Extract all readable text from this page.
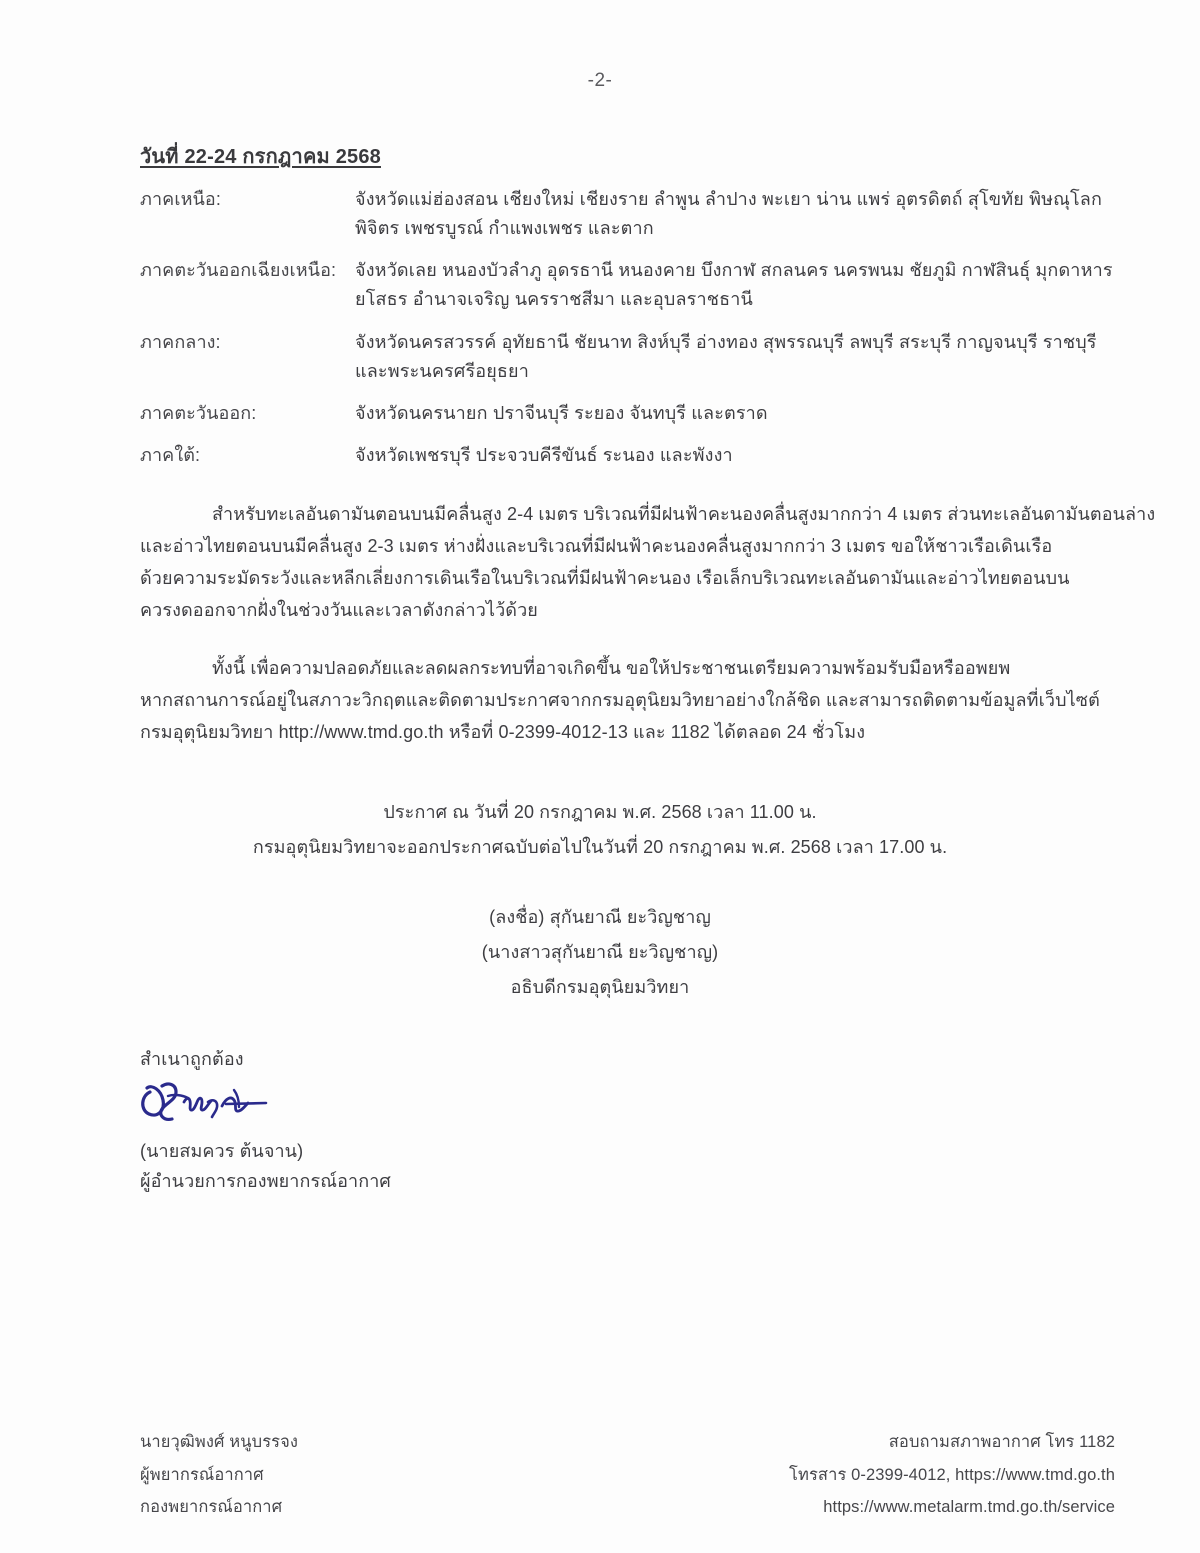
-2-
วันที่ 22-24 กรกฎาคม 2568
ภาคเหนือ:	จังหวัดแม่ฮ่องสอน เชียงใหม่ เชียงราย ลำพูน ลำปาง พะเยา น่าน แพร่ อุตรดิตถ์ สุโขทัย พิษณุโลก
พิจิตร เพชรบูรณ์ กำแพงเพชร และตาก
ภาคตะวันออกเฉียงเหนือ:	จังหวัดเลย หนองบัวลำภู อุดรธานี หนองคาย บึงกาฬ สกลนคร นครพนม ชัยภูมิ กาฬสินธุ์ มุกดาหาร
ยโสธร อำนาจเจริญ นครราชสีมา และอุบลราชธานี
ภาคกลาง:	จังหวัดนครสวรรค์ อุทัยธานี ชัยนาท สิงห์บุรี อ่างทอง สุพรรณบุรี ลพบุรี สระบุรี กาญจนบุรี ราชบุรี
และพระนครศรีอยุธยา
ภาคตะวันออก:	จังหวัดนครนายก ปราจีนบุรี ระยอง จันทบุรี และตราด
ภาคใต้:	จังหวัดเพชรบุรี ประจวบคีรีขันธ์ ระนอง และพังงา

สำหรับทะเลอันดามันตอนบนมีคลื่นสูง 2-4 เมตร บริเวณที่มีฝนฟ้าคะนองคลื่นสูงมากกว่า 4 เมตร ส่วนทะเลอันดามันตอนล่าง
และอ่าวไทยตอนบนมีคลื่นสูง 2-3 เมตร ห่างฝั่งและบริเวณที่มีฝนฟ้าคะนองคลื่นสูงมากกว่า 3 เมตร ขอให้ชาวเรือเดินเรือ
ด้วยความระมัดระวังและหลีกเลี่ยงการเดินเรือในบริเวณที่มีฝนฟ้าคะนอง เรือเล็กบริเวณทะเลอันดามันและอ่าวไทยตอนบน
ควรงดออกจากฝั่งในช่วงวันและเวลาดังกล่าวไว้ด้วย

ทั้งนี้ เพื่อความปลอดภัยและลดผลกระทบที่อาจเกิดขึ้น ขอให้ประชาชนเตรียมความพร้อมรับมือหรืออพยพ
หากสถานการณ์อยู่ในสภาวะวิกฤตและติดตามประกาศจากกรมอุตุนิยมวิทยาอย่างใกล้ชิด และสามารถติดตามข้อมูลที่เว็บไซต์
กรมอุตุนิยมวิทยา http://www.tmd.go.th หรือที่ 0-2399-4012-13 และ 1182 ได้ตลอด 24 ชั่วโมง

ประกาศ ณ วันที่ 20 กรกฎาคม พ.ศ. 2568 เวลา 11.00 น.
กรมอุตุนิยมวิทยาจะออกประกาศฉบับต่อไปในวันที่ 20 กรกฎาคม พ.ศ. 2568 เวลา 17.00 น.
(ลงชื่อ) สุกันยาณี ยะวิญชาญ
(นางสาวสุกันยาณี ยะวิญชาญ)
อธิบดีกรมอุตุนิยมวิทยา
สำเนาถูกต้อง
(นายสมควร ต้นจาน)
ผู้อำนวยการกองพยากรณ์อากาศ
นายวุฒิพงศ์ หนูบรรจง
ผู้พยากรณ์อากาศ
กองพยากรณ์อากาศ
สอบถามสภาพอากาศ โทร 1182
โทรสาร 0-2399-4012, https://www.tmd.go.th
https://www.metalarm.tmd.go.th/service
